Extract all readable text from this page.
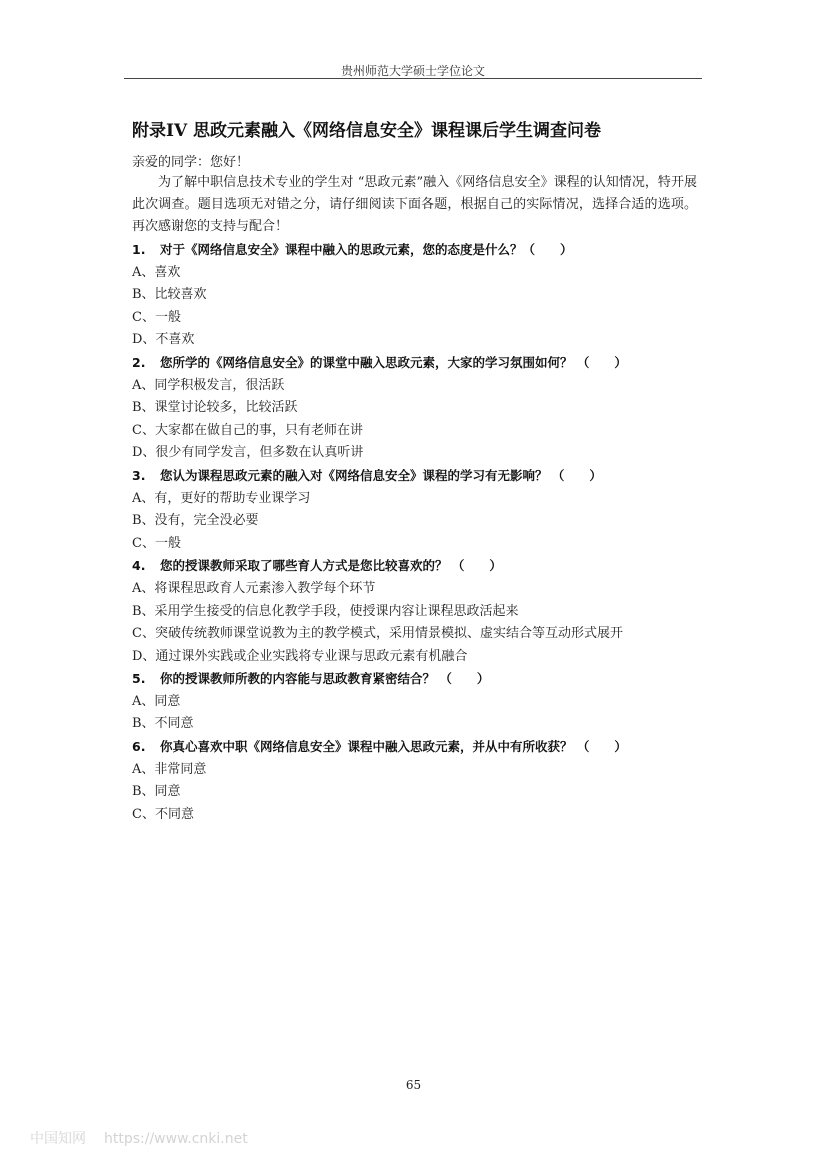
贵州师范大学硕士学位论文
附录IV 思政元素融入《网络信息安全》课程课后学生调查问卷
亲爱的同学：您好！
为了解中职信息技术专业的学生对 “思政元素”融入《网络信息安全》课程的认知情况，特开展此次调查。题目选项无对错之分，请仔细阅读下面各题，根据自己的实际情况，选择合适的选项。再次感谢您的支持与配合！
1. 对于《网络信息安全》课程中融入的思政元素，您的态度是什么？（　　）
A、喜欢
B、比较喜欢
C、一般
D、不喜欢
2. 您所学的《网络信息安全》的课堂中融入思政元素，大家的学习氛围如何？ （　　）
A、同学积极发言，很活跃
B、课堂讨论较多，比较活跃
C、大家都在做自己的事，只有老师在讲
D、很少有同学发言，但多数在认真听讲
3. 您认为课程思政元素的融入对《网络信息安全》课程的学习有无影响？ （　　）
A、有，更好的帮助专业课学习
B、没有，完全没必要
C、一般
4. 您的授课教师采取了哪些育人方式是您比较喜欢的？ （　　）
A、将课程思政育人元素渗入教学每个环节
B、采用学生接受的信息化教学手段，使授课内容让课程思政活起来
C、突破传统教师课堂说教为主的教学模式，采用情景模拟、虚实结合等互动形式展开
D、通过课外实践或企业实践将专业课与思政元素有机融合
5. 你的授课教师所教的内容能与思政教育紧密结合？ （　　）
A、同意
B、不同意
6. 你真心喜欢中职《网络信息安全》课程中融入思政元素，并从中有所收获？ （　　）
A、非常同意
B、同意
C、不同意
65
中国知网 https://www.cnki.net
